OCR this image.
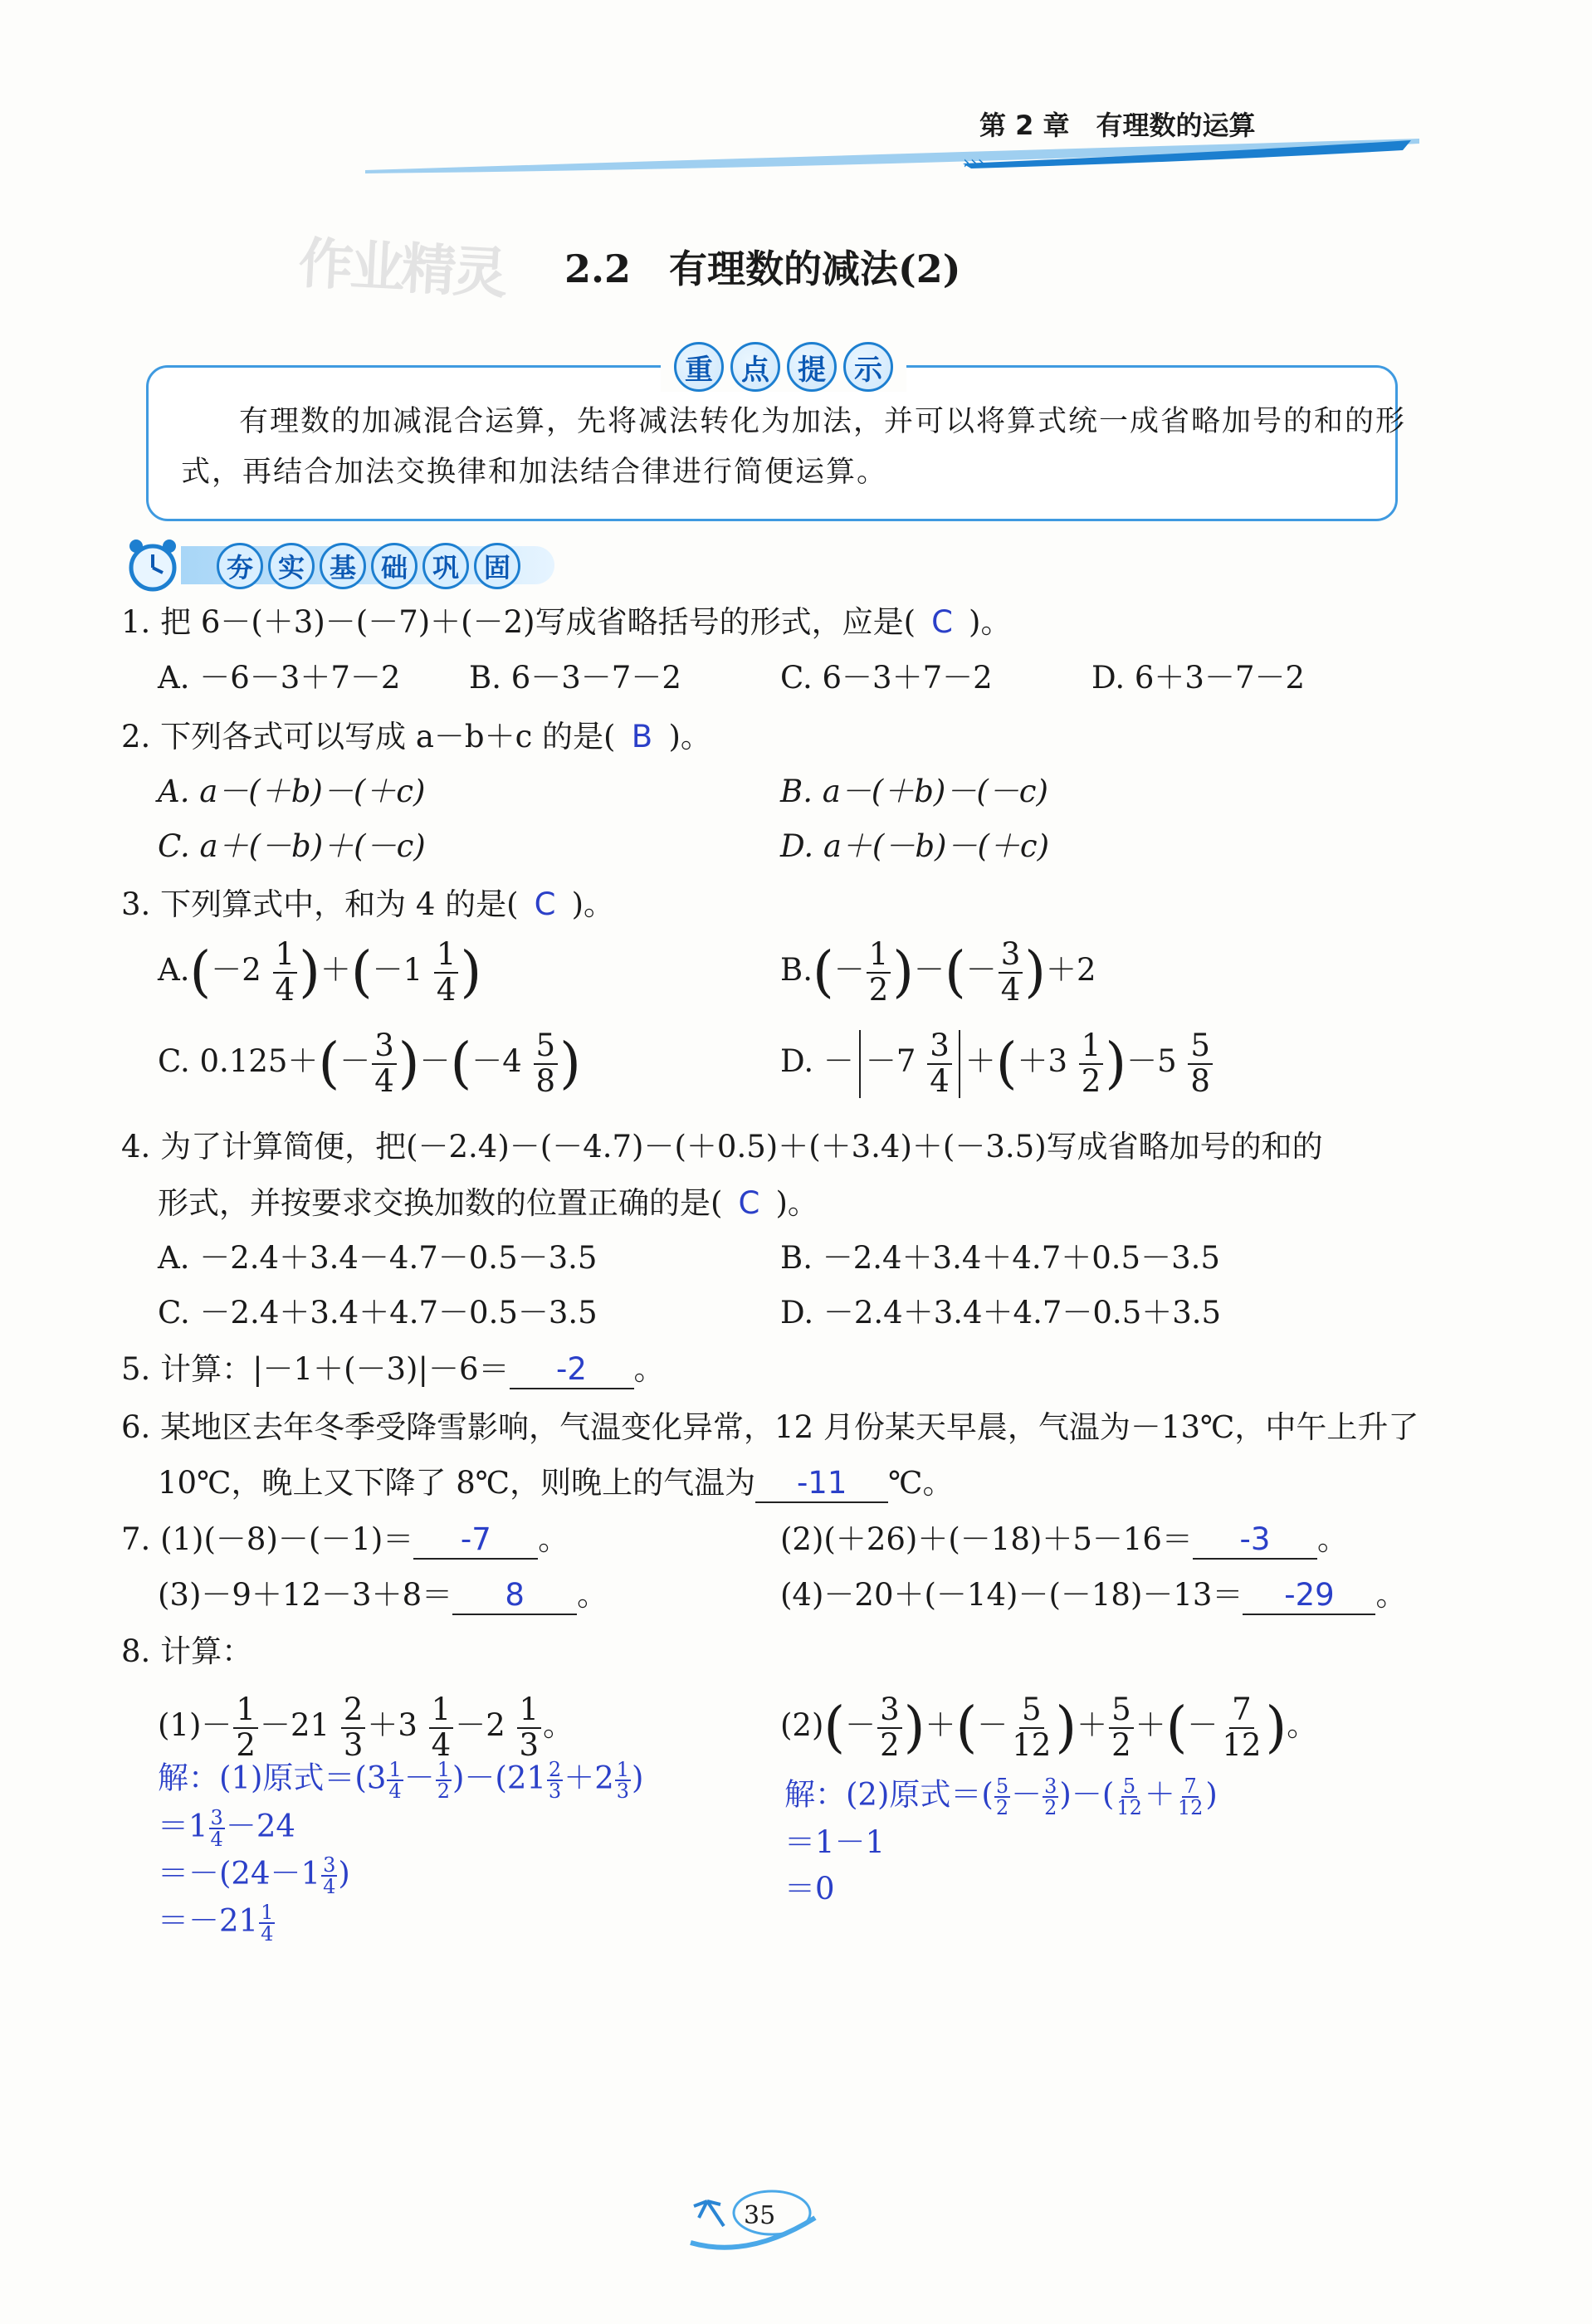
第 2 章　有理数的运算
›››
作业精灵 2.2　有理数的减法(2)
重	点	提	示
有理数的加减混合运算，先将减法转化为加法，并可以将算式统一成省略加号的和的形
式，再结合加法交换律和加法结合律进行简便运算。
夯 实 基 础 巩 固
1. 把 6－(＋3)－(－7)＋(－2)写成省略括号的形式，应是( C )。
A. －6－3＋7－2 B. 6－3－7－2	C. 6－3＋7－2	D. 6＋3－7－2
2. 下列各式可以写成 a－b＋c 的是( B )。
A. a－(＋b)－(＋c)	B. a－(＋b)－(－c)
C. a＋(－b)＋(－c)	D. a＋(－b)－(＋c)
3. 下列算式中，和为 4 的是( C )。
$A.(-2 \frac{1}{4} )+(-1 \frac{1}{4}$ )	$B.(- \frac{1}{2}$ )－(－ $\frac{3}{4} )+2$
C. $0.125+(- \frac{3}{4} )-(-4 \frac{5}{8}$ )	D. － $-7 \frac{3}{4} +(+3 \frac{1}{2} )-5 \frac{5}{8}$
4. 为了计算简便，把(－2.4)－(－4.7)－(＋0.5)＋(＋3.4)＋(－3.5)写成省略加号的和的
形式，并按要求交换加数的位置正确的是( C )。
A. －2.4＋3.4－4.7－0.5－3.5	B. －2.4＋3.4＋4.7＋0.5－3.5
C. －2.4＋3.4＋4.7－0.5－3.5	D. －2.4＋3.4＋4.7－0.5＋3.5
5. 计算：|－1＋(－3)|－6＝ -2 。
6. 某地区去年冬季受降雪影响，气温变化异常，12 月份某天早晨，气温为－13℃，中午上升了
10℃，晚上又下降了 8℃，则晚上的气温为 -11 ℃。
7. (1)(－8)－(－1)＝ -7 。	(2)(＋26)＋(－18)＋5－16＝ -3 。
(3)－9＋12－3＋8＝ 8 。	(4)－20＋(－14)－(－18)－13＝ -29 。
8. 计算：
$(1)- \frac{1}{2} -21 \frac{2}{3} +3 \frac{1}{4} -2 \frac{1}{3}$ 。	$(2)(- \frac{3}{2}$ )＋(－ $\frac{5}{12}$ )＋ $\frac{5}{2}$ ＋(－ $\frac{7}{12}$ )。
解：(1)原式$=(3 \frac{1}{4} - \frac{1}{2} )-(21 \frac{2}{3} +2 \frac{1}{3}$ )
$=1 \frac{3}{4} -24$
$=-(24-1 \frac{3}{4}$ )
$=-21 \frac{1}{4}$
解：(2)原式＝( $\frac{5}{2} - \frac{3}{2}$ )－( $\frac{5}{12} + \frac{7}{12}$ )
＝1－1
＝0
35
